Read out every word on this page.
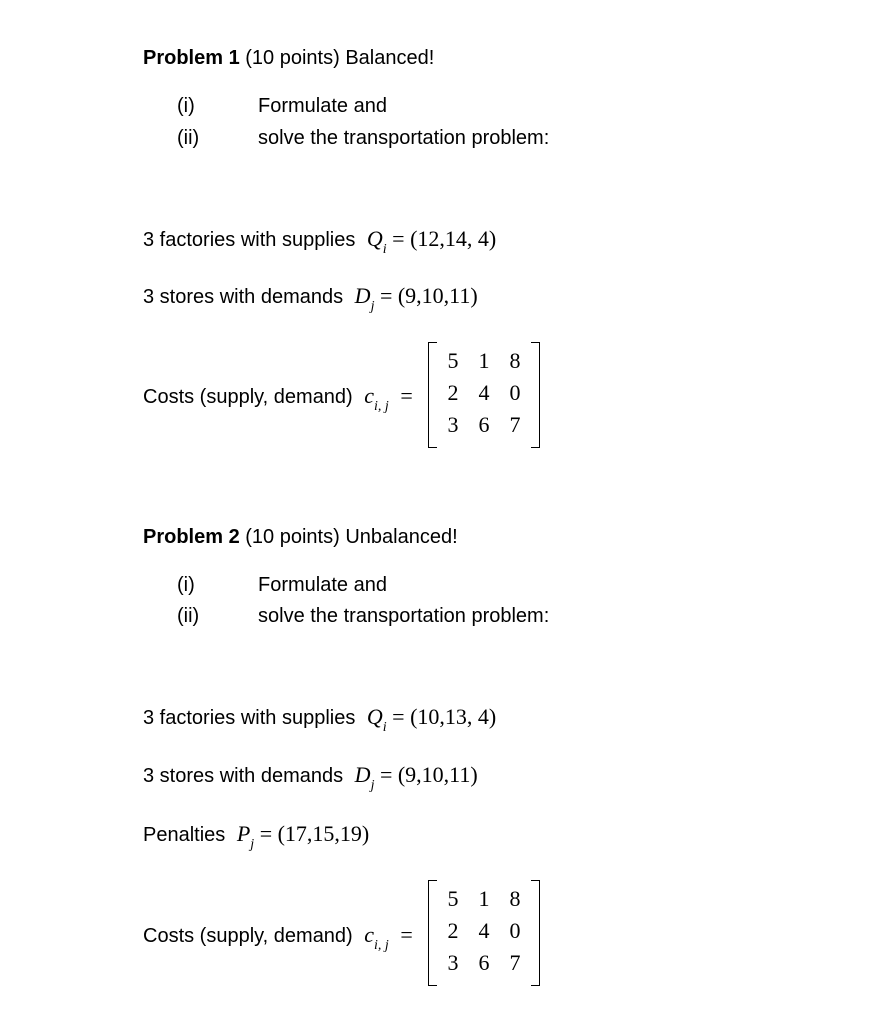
Problem 1 (10 points) Balanced!
(i)	Formulate and
(ii)	solve the transportation problem:
3 factories with supplies $Q_i = (12,14$, 4)
3 stores with demands $D_j = (9,10,11)$
Costs (supply, demand) $c_{i, j}$ =
5 1 8
2 4 0
3 6 7
Problem 2 (10 points) Unbalanced!
(i)	Formulate and
(ii)	solve the transportation problem:
3 factories with supplies $Q_i = (10,13$, 4)
3 stores with demands $D_j = (9,10,11)$
Penalties $P_j = (17,15,19)$
Costs (supply, demand) $c_{i, j}$ =
5 1 8
2 4 0
3 6 7
